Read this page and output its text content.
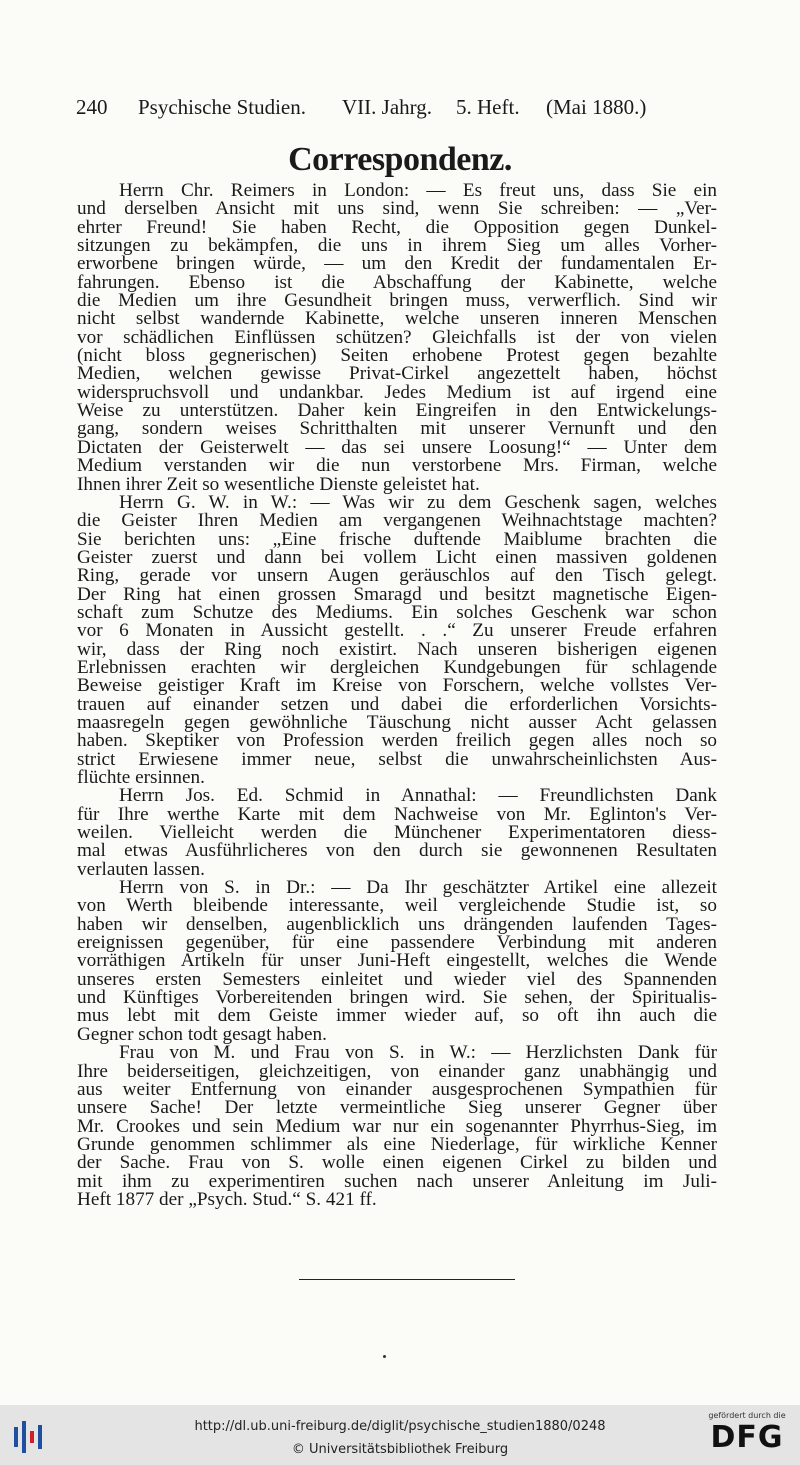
240 Psychische Studien. VII. Jahrg. 5. Heft. (Mai 1880.)
Correspondenz.
Herrn Chr. Reimers in London: — Es freut uns, dass Sie ein
und derselben Ansicht mit uns sind, wenn Sie schreiben: — „Ver-
ehrter Freund! Sie haben Recht, die Opposition gegen Dunkel-
sitzungen zu bekämpfen, die uns in ihrem Sieg um alles Vorher-
erworbene bringen würde, — um den Kredit der fundamentalen Er-
fahrungen. Ebenso ist die Abschaffung der Kabinette, welche
die Medien um ihre Gesundheit bringen muss, verwerflich. Sind wir
nicht selbst wandernde Kabinette, welche unseren inneren Menschen
vor schädlichen Einflüssen schützen? Gleichfalls ist der von vielen
(nicht bloss gegnerischen) Seiten erhobene Protest gegen bezahlte
Medien, welchen gewisse Privat-Cirkel angezettelt haben, höchst
widerspruchsvoll und undankbar. Jedes Medium ist auf irgend eine
Weise zu unterstützen. Daher kein Eingreifen in den Entwickelungs-
gang, sondern weises Schritthalten mit unserer Vernunft und den
Dictaten der Geisterwelt — das sei unsere Loosung!“ — Unter dem
Medium verstanden wir die nun verstorbene Mrs. Firman, welche
Ihnen ihrer Zeit so wesentliche Dienste geleistet hat.
Herrn G. W. in W.: — Was wir zu dem Geschenk sagen, welches
die Geister Ihren Medien am vergangenen Weihnachtstage machten?
Sie berichten uns: „Eine frische duftende Maiblume brachten die
Geister zuerst und dann bei vollem Licht einen massiven goldenen
Ring, gerade vor unsern Augen geräuschlos auf den Tisch gelegt.
Der Ring hat einen grossen Smaragd und besitzt magnetische Eigen-
schaft zum Schutze des Mediums. Ein solches Geschenk war schon
vor 6 Monaten in Aussicht gestellt. . .“ Zu unserer Freude erfahren
wir, dass der Ring noch existirt. Nach unseren bisherigen eigenen
Erlebnissen erachten wir dergleichen Kundgebungen für schlagende
Beweise geistiger Kraft im Kreise von Forschern, welche vollstes Ver-
trauen auf einander setzen und dabei die erforderlichen Vorsichts-
maasregeln gegen gewöhnliche Täuschung nicht ausser Acht gelassen
haben. Skeptiker von Profession werden freilich gegen alles noch so
strict Erwiesene immer neue, selbst die unwahrscheinlichsten Aus-
flüchte ersinnen.
Herrn Jos. Ed. Schmid in Annathal: — Freundlichsten Dank
für Ihre werthe Karte mit dem Nachweise von Mr. Eglinton's Ver-
weilen. Vielleicht werden die Münchener Experimentatoren diess-
mal etwas Ausführlicheres von den durch sie gewonnenen Resultaten
verlauten lassen.
Herrn von S. in Dr.: — Da Ihr geschätzter Artikel eine allezeit
von Werth bleibende interessante, weil vergleichende Studie ist, so
haben wir denselben, augenblicklich uns drängenden laufenden Tages-
ereignissen gegenüber, für eine passendere Verbindung mit anderen
vorräthigen Artikeln für unser Juni-Heft eingestellt, welches die Wende
unseres ersten Semesters einleitet und wieder viel des Spannenden
und Künftiges Vorbereitenden bringen wird. Sie sehen, der Spiritualis-
mus lebt mit dem Geiste immer wieder auf, so oft ihn auch die
Gegner schon todt gesagt haben.
Frau von M. und Frau von S. in W.: — Herzlichsten Dank für
Ihre beiderseitigen, gleichzeitigen, von einander ganz unabhängig und
aus weiter Entfernung von einander ausgesprochenen Sympathien für
unsere Sache! Der letzte vermeintliche Sieg unserer Gegner über
Mr. Crookes und sein Medium war nur ein sogenannter Phyrrhus-Sieg, im
Grunde genommen schlimmer als eine Niederlage, für wirkliche Kenner
der Sache. Frau von S. wolle einen eigenen Cirkel zu bilden und
mit ihm zu experimentiren suchen nach unserer Anleitung im Juli-
Heft 1877 der „Psych. Stud.“ S. 421 ff.
http://dl.ub.uni-freiburg.de/diglit/psychische_studien1880/0248
© Universitätsbibliothek Freiburg
gefördert durch die
DFG
